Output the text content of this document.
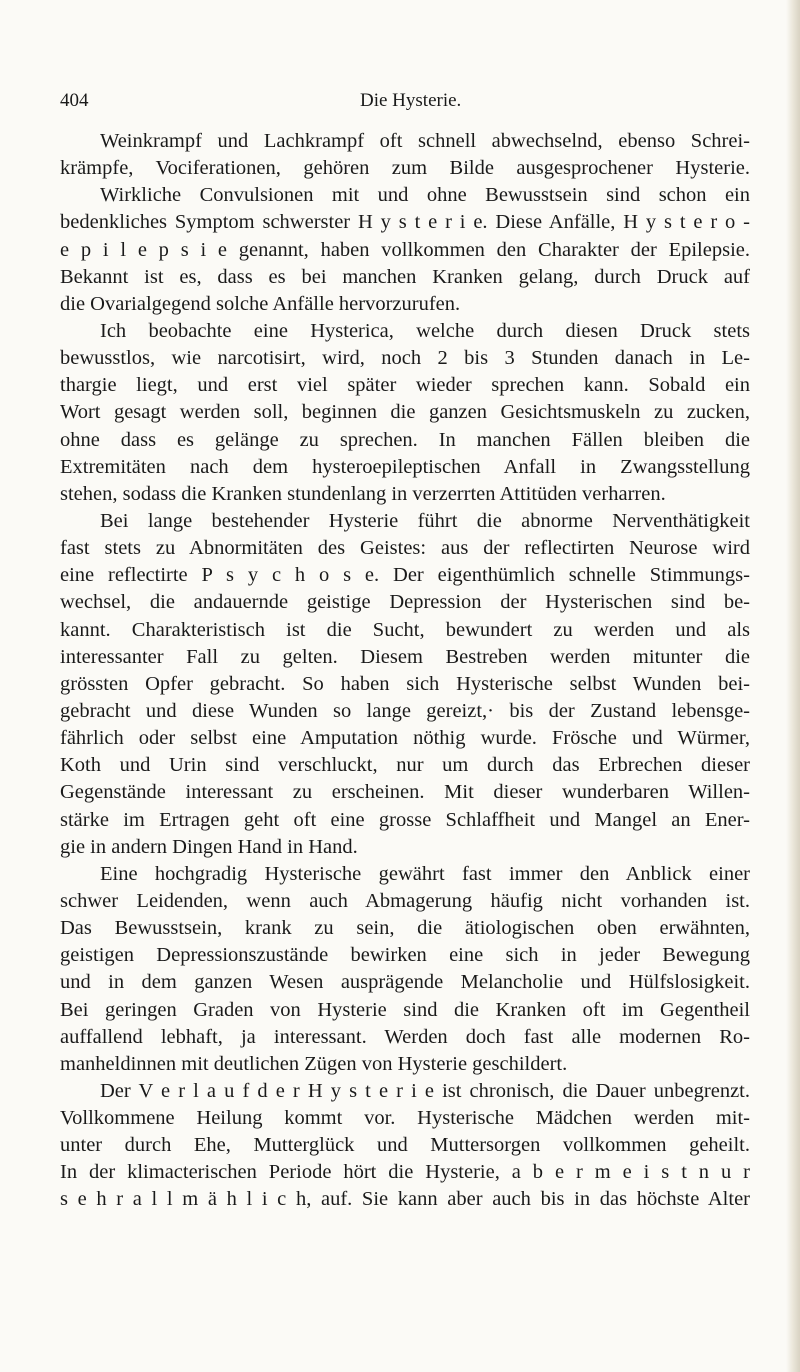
404	Die Hysterie.
Weinkrampf und Lachkrampf oft schnell abwechselnd, ebenso Schrei-
krämpfe, Vociferationen, gehören zum Bilde ausgesprochener Hysterie.
Wirkliche Convulsionen mit und ohne Bewusstsein sind schon ein
bedenkliches Symptom schwerster H y s t e r i e. Diese Anfälle, H y s t e r o -
e p i l e p s i e genannt, haben vollkommen den Charakter der Epilepsie.
Bekannt ist es, dass es bei manchen Kranken gelang, durch Druck auf
die Ovarialgegend solche Anfälle hervorzurufen.
Ich beobachte eine Hysterica, welche durch diesen Druck stets
bewusstlos, wie narcotisirt, wird, noch 2 bis 3 Stunden danach in Le-
thargie liegt, und erst viel später wieder sprechen kann. Sobald ein
Wort gesagt werden soll, beginnen die ganzen Gesichtsmuskeln zu zucken,
ohne dass es gelänge zu sprechen. In manchen Fällen bleiben die
Extremitäten nach dem hysteroepileptischen Anfall in Zwangsstellung
stehen, sodass die Kranken stundenlang in verzerrten Attitüden verharren.
Bei lange bestehender Hysterie führt die abnorme Nerventhätigkeit
fast stets zu Abnormitäten des Geistes: aus der reflectirten Neurose wird
eine reflectirte P s y c h o s e. Der eigenthümlich schnelle Stimmungs-
wechsel, die andauernde geistige Depression der Hysterischen sind be-
kannt. Charakteristisch ist die Sucht, bewundert zu werden und als
interessanter Fall zu gelten. Diesem Bestreben werden mitunter die
grössten Opfer gebracht. So haben sich Hysterische selbst Wunden bei-
gebracht und diese Wunden so lange gereizt,· bis der Zustand lebensge-
fährlich oder selbst eine Amputation nöthig wurde. Frösche und Würmer,
Koth und Urin sind verschluckt, nur um durch das Erbrechen dieser
Gegenstände interessant zu erscheinen. Mit dieser wunderbaren Willen-
stärke im Ertragen geht oft eine grosse Schlaffheit und Mangel an Ener-
gie in andern Dingen Hand in Hand.
Eine hochgradig Hysterische gewährt fast immer den Anblick einer
schwer Leidenden, wenn auch Abmagerung häufig nicht vorhanden ist.
Das Bewusstsein, krank zu sein, die ätiologischen oben erwähnten,
geistigen Depressionszustände bewirken eine sich in jeder Bewegung
und in dem ganzen Wesen ausprägende Melancholie und Hülfslosigkeit.
Bei geringen Graden von Hysterie sind die Kranken oft im Gegentheil
auffallend lebhaft, ja interessant. Werden doch fast alle modernen Ro-
manheldinnen mit deutlichen Zügen von Hysterie geschildert.
Der V e r l a u f d e r H y s t e r i e ist chronisch, die Dauer unbegrenzt.
Vollkommene Heilung kommt vor. Hysterische Mädchen werden mit-
unter durch Ehe, Mutterglück und Muttersorgen vollkommen geheilt.
In der klimacterischen Periode hört die Hysterie, a b e r m e i s t n u r
s e h r a l l m ä h l i c h, auf. Sie kann aber auch bis in das höchste Alter
